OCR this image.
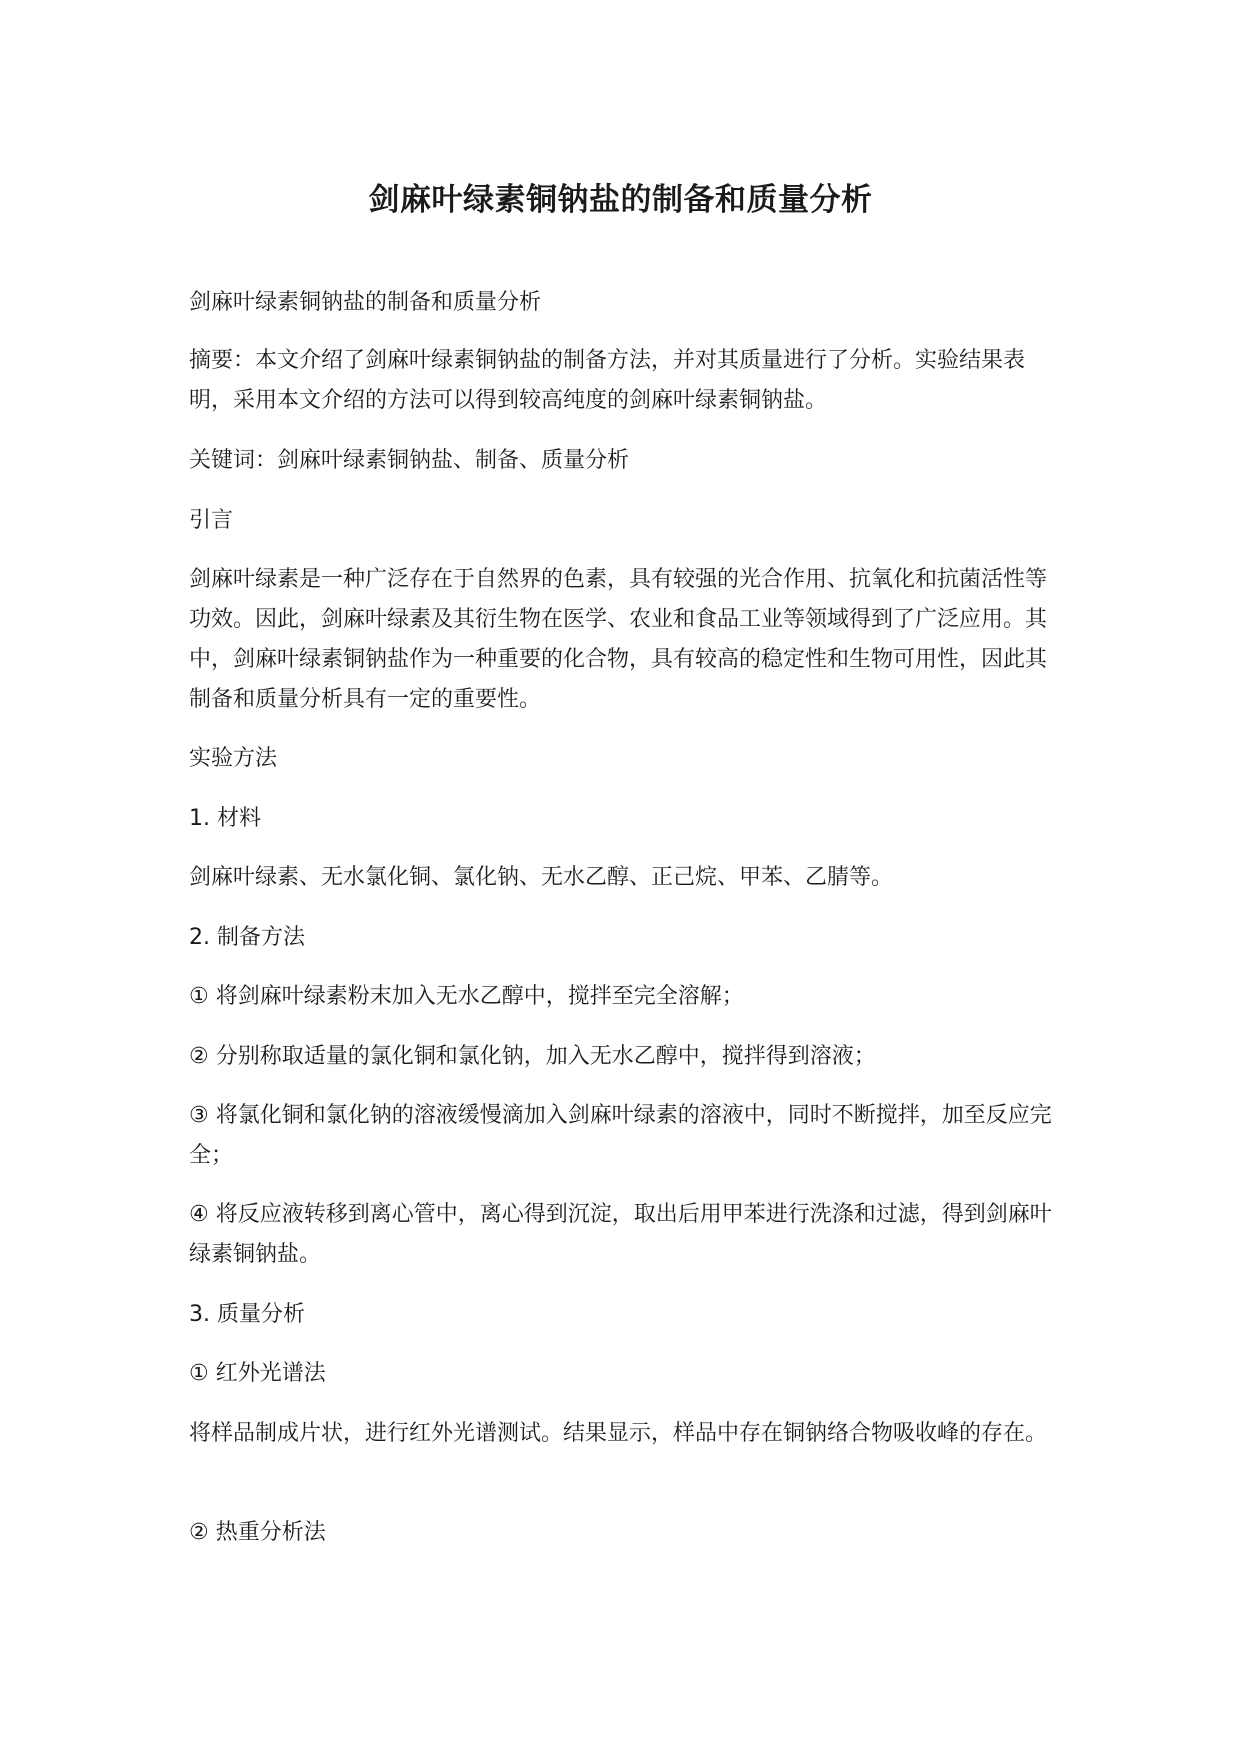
剑麻叶绿素铜钠盐的制备和质量分析

剑麻叶绿素铜钠盐的制备和质量分析

摘要：本文介绍了剑麻叶绿素铜钠盐的制备方法，并对其质量进行了分析。实验结果表明，采用本文介绍的方法可以得到较高纯度的剑麻叶绿素铜钠盐。

关键词：剑麻叶绿素铜钠盐、制备、质量分析

引言

剑麻叶绿素是一种广泛存在于自然界的色素，具有较强的光合作用、抗氧化和抗菌活性等功效。因此，剑麻叶绿素及其衍生物在医学、农业和食品工业等领域得到了广泛应用。其中，剑麻叶绿素铜钠盐作为一种重要的化合物，具有较高的稳定性和生物可用性，因此其制备和质量分析具有一定的重要性。

实验方法

1. 材料

剑麻叶绿素、无水氯化铜、氯化钠、无水乙醇、正己烷、甲苯、乙腈等。

2. 制备方法

① 将剑麻叶绿素粉末加入无水乙醇中，搅拌至完全溶解；

② 分别称取适量的氯化铜和氯化钠，加入无水乙醇中，搅拌得到溶液；

③ 将氯化铜和氯化钠的溶液缓慢滴加入剑麻叶绿素的溶液中，同时不断搅拌，加至反应完全；

④ 将反应液转移到离心管中，离心得到沉淀，取出后用甲苯进行洗涤和过滤，得到剑麻叶绿素铜钠盐。

3. 质量分析

① 红外光谱法

将样品制成片状，进行红外光谱测试。结果显示，样品中存在铜钠络合物吸收峰的存在。

② 热重分析法
